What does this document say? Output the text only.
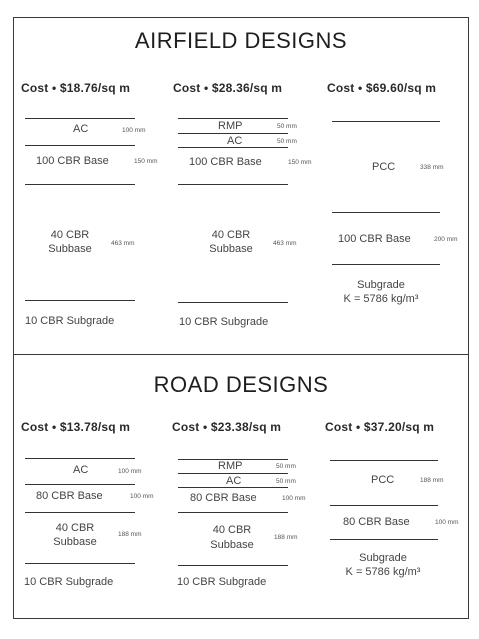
AIRFIELD DESIGNS
Cost • $18.76/sq m
AC	100 mm
100 CBR Base	150 mm
40 CBR
Subbase	463 mm
10 CBR Subgrade
Cost • $28.36/sq m
RMP	50 mm
AC	50 mm
100 CBR Base	150 mm
40 CBR
Subbase	463 mm
10 CBR Subgrade
Cost • $69.60/sq m
PCC	338 mm
100 CBR Base	200 mm
Subgrade
K = 5786 kg/m³
ROAD DESIGNS
Cost • $13.78/sq m
AC	100 mm
80 CBR Base	100 mm
40 CBR
Subbase
188 mm
10 CBR Subgrade
Cost • $23.38/sq m
RMP	50 mm
AC	50 mm
80 CBR Base	100 mm
40 CBR
Subbase
188 mm
10 CBR Subgrade
Cost • $37.20/sq m
PCC	188 mm
80 CBR Base	100 mm
Subgrade
K = 5786 kg/m³
